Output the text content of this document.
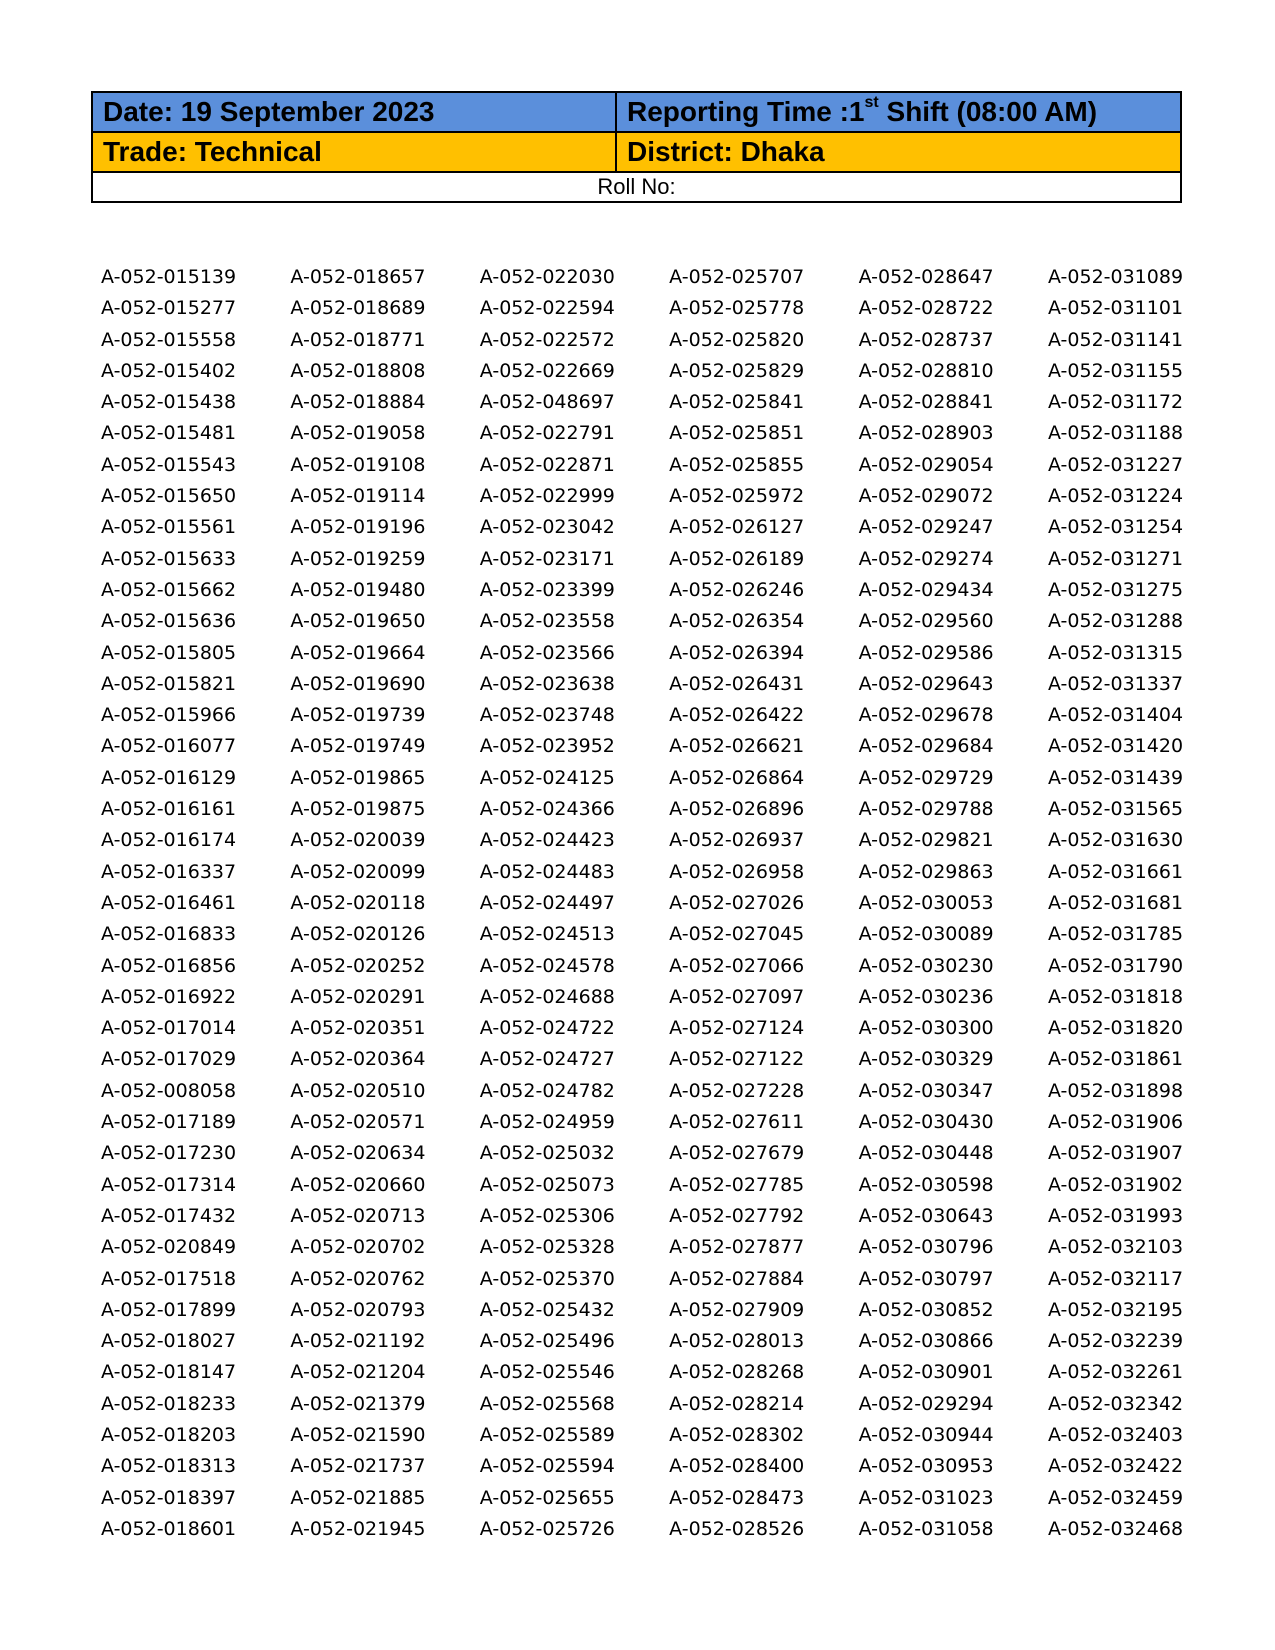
Date: 19 September 2023	Reporting Time :1st Shift (08:00 AM)
Trade: Technical	District: Dhaka
Roll No:
A-052-015139
A-052-015277
A-052-015558
A-052-015402
A-052-015438
A-052-015481
A-052-015543
A-052-015650
A-052-015561
A-052-015633
A-052-015662
A-052-015636
A-052-015805
A-052-015821
A-052-015966
A-052-016077
A-052-016129
A-052-016161
A-052-016174
A-052-016337
A-052-016461
A-052-016833
A-052-016856
A-052-016922
A-052-017014
A-052-017029
A-052-008058
A-052-017189
A-052-017230
A-052-017314
A-052-017432
A-052-020849
A-052-017518
A-052-017899
A-052-018027
A-052-018147
A-052-018233
A-052-018203
A-052-018313
A-052-018397
A-052-018601
A-052-018657
A-052-018689
A-052-018771
A-052-018808
A-052-018884
A-052-019058
A-052-019108
A-052-019114
A-052-019196
A-052-019259
A-052-019480
A-052-019650
A-052-019664
A-052-019690
A-052-019739
A-052-019749
A-052-019865
A-052-019875
A-052-020039
A-052-020099
A-052-020118
A-052-020126
A-052-020252
A-052-020291
A-052-020351
A-052-020364
A-052-020510
A-052-020571
A-052-020634
A-052-020660
A-052-020713
A-052-020702
A-052-020762
A-052-020793
A-052-021192
A-052-021204
A-052-021379
A-052-021590
A-052-021737
A-052-021885
A-052-021945
A-052-022030
A-052-022594
A-052-022572
A-052-022669
A-052-048697
A-052-022791
A-052-022871
A-052-022999
A-052-023042
A-052-023171
A-052-023399
A-052-023558
A-052-023566
A-052-023638
A-052-023748
A-052-023952
A-052-024125
A-052-024366
A-052-024423
A-052-024483
A-052-024497
A-052-024513
A-052-024578
A-052-024688
A-052-024722
A-052-024727
A-052-024782
A-052-024959
A-052-025032
A-052-025073
A-052-025306
A-052-025328
A-052-025370
A-052-025432
A-052-025496
A-052-025546
A-052-025568
A-052-025589
A-052-025594
A-052-025655
A-052-025726
A-052-025707
A-052-025778
A-052-025820
A-052-025829
A-052-025841
A-052-025851
A-052-025855
A-052-025972
A-052-026127
A-052-026189
A-052-026246
A-052-026354
A-052-026394
A-052-026431
A-052-026422
A-052-026621
A-052-026864
A-052-026896
A-052-026937
A-052-026958
A-052-027026
A-052-027045
A-052-027066
A-052-027097
A-052-027124
A-052-027122
A-052-027228
A-052-027611
A-052-027679
A-052-027785
A-052-027792
A-052-027877
A-052-027884
A-052-027909
A-052-028013
A-052-028268
A-052-028214
A-052-028302
A-052-028400
A-052-028473
A-052-028526
A-052-028647
A-052-028722
A-052-028737
A-052-028810
A-052-028841
A-052-028903
A-052-029054
A-052-029072
A-052-029247
A-052-029274
A-052-029434
A-052-029560
A-052-029586
A-052-029643
A-052-029678
A-052-029684
A-052-029729
A-052-029788
A-052-029821
A-052-029863
A-052-030053
A-052-030089
A-052-030230
A-052-030236
A-052-030300
A-052-030329
A-052-030347
A-052-030430
A-052-030448
A-052-030598
A-052-030643
A-052-030796
A-052-030797
A-052-030852
A-052-030866
A-052-030901
A-052-029294
A-052-030944
A-052-030953
A-052-031023
A-052-031058
A-052-031089
A-052-031101
A-052-031141
A-052-031155
A-052-031172
A-052-031188
A-052-031227
A-052-031224
A-052-031254
A-052-031271
A-052-031275
A-052-031288
A-052-031315
A-052-031337
A-052-031404
A-052-031420
A-052-031439
A-052-031565
A-052-031630
A-052-031661
A-052-031681
A-052-031785
A-052-031790
A-052-031818
A-052-031820
A-052-031861
A-052-031898
A-052-031906
A-052-031907
A-052-031902
A-052-031993
A-052-032103
A-052-032117
A-052-032195
A-052-032239
A-052-032261
A-052-032342
A-052-032403
A-052-032422
A-052-032459
A-052-032468
